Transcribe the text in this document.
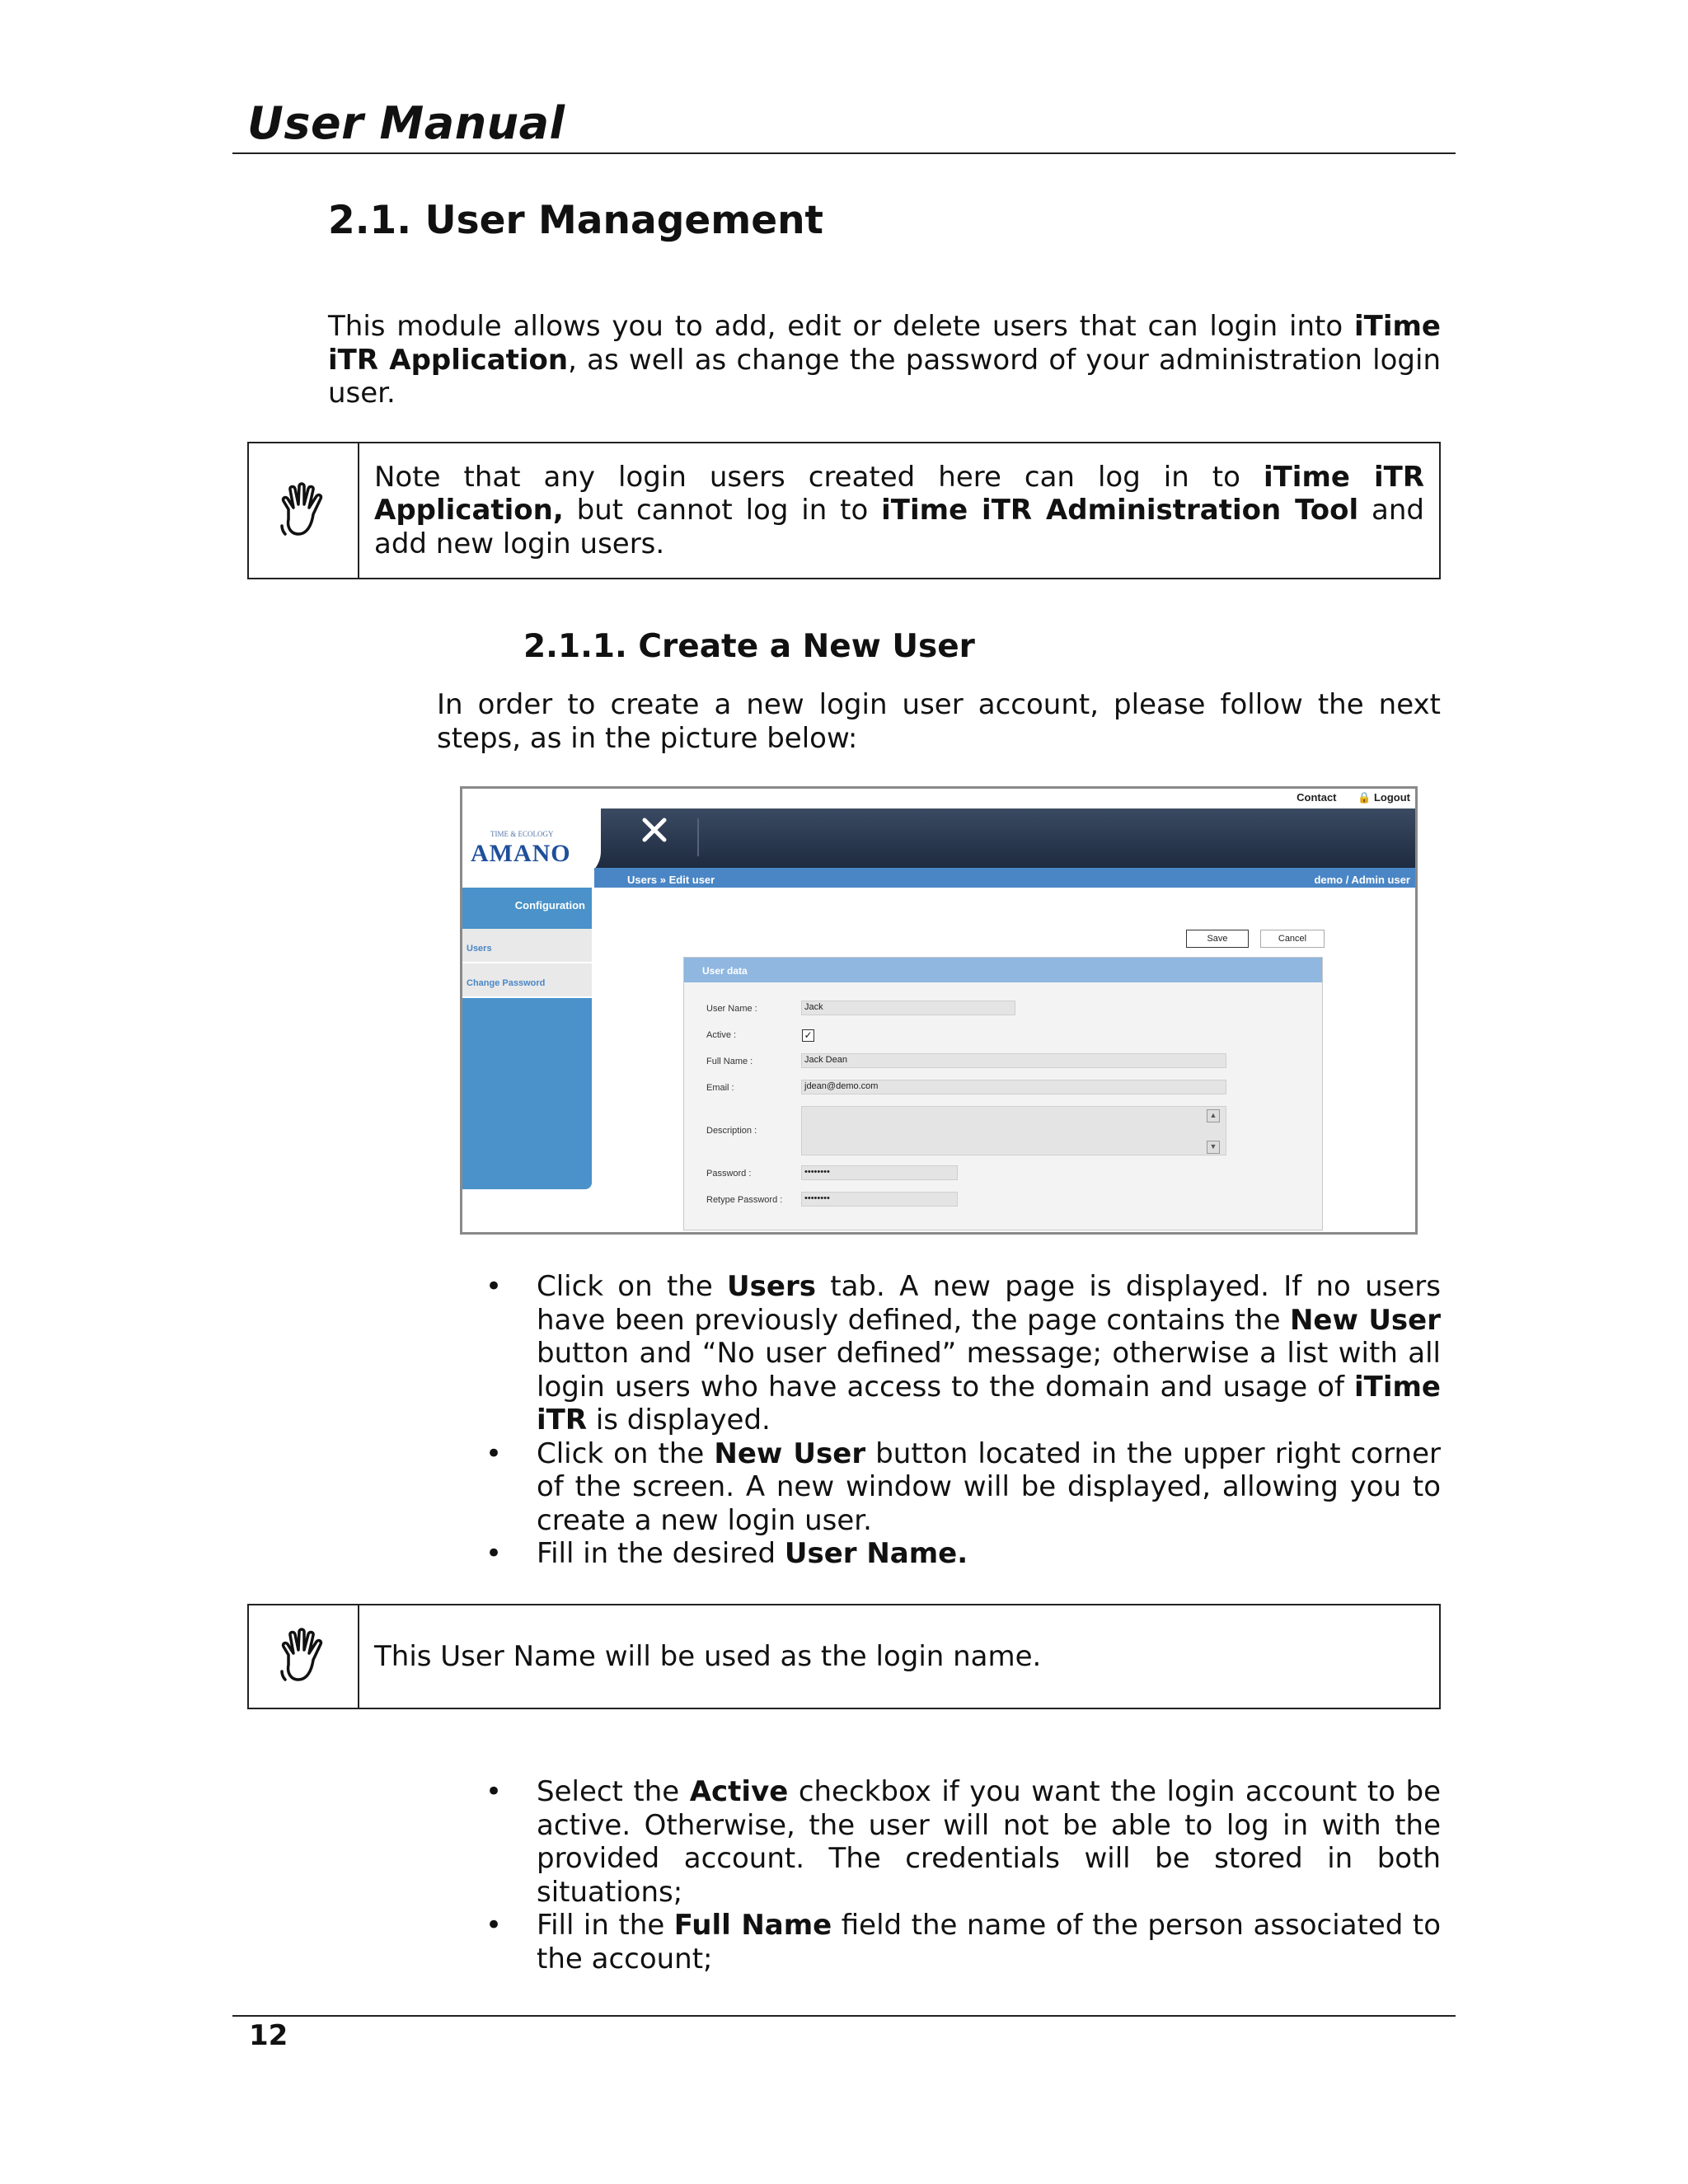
User Manual
2.1. User Management
This module allows you to add, edit or delete users that can login into iTime iTR Application, as well as change the password of your administration login user.
Note that any login users created here can log in to iTime iTR Application, but cannot log in to iTime iTR Administration Tool and add new login users.
2.1.1. Create a New User
In order to create a new login user account, please follow the next steps, as in the picture below:
Contact 🔒 Logout
TIME & ECOLOGY
AMANO
Users » Edit user	demo / Admin user
Configuration
Users
Change Password
Save	Cancel
User data
User Name :	Jack
Active :	✓
Full Name :	Jack Dean
Email :	jdean@demo.com
Description :
▲
▼
Password :	••••••••
Retype Password :	••••••••
• Click on the Users tab. A new page is displayed. If no users have been previously defined, the page contains the New User button and “No user defined” message; otherwise a list with all login users who have access to the domain and usage of iTime iTR is displayed.
• Click on the New User button located in the upper right corner of the screen. A new window will be displayed, allowing you to create a new login user.
• Fill in the desired User Name.
This User Name will be used as the login name.
• Select the Active checkbox if you want the login account to be active. Otherwise, the user will not be able to log in with the provided account. The credentials will be stored in both situations;
• Fill in the Full Name field the name of the person associated to the account;
12
